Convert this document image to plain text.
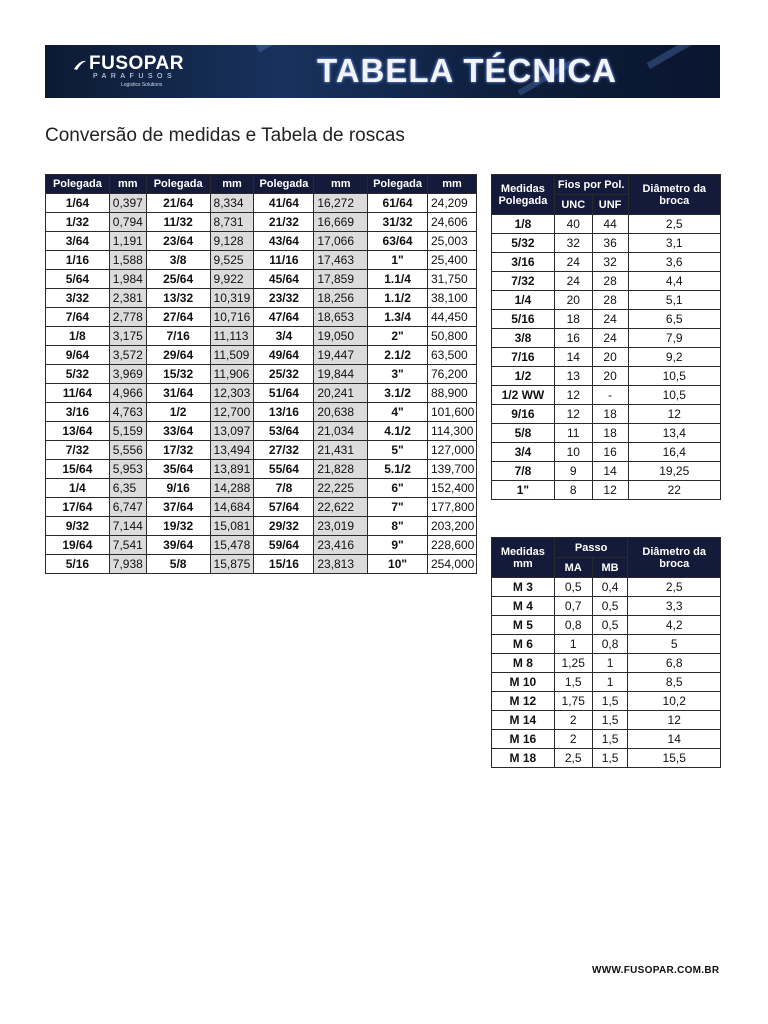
FUSOPAR
PARAFUSOS
Logistics Solutions	TABELA TÉCNICA
Conversão de medidas e Tabela de roscas
Polegada	mm	Polegada	mm	Polegada	mm	Polegada	mm
1/64	0,397	21/64	8,334	41/64	16,272	61/64	24,209
1/32	0,794	11/32	8,731	21/32	16,669	31/32	24,606
3/64	1,191	23/64	9,128	43/64	17,066	63/64	25,003
1/16	1,588	3/8	9,525	11/16	17,463	1"	25,400
5/64	1,984	25/64	9,922	45/64	17,859	1.1/4	31,750
3/32	2,381	13/32	10,319	23/32	18,256	1.1/2	38,100
7/64	2,778	27/64	10,716	47/64	18,653	1.3/4	44,450
1/8	3,175	7/16	11,113	3/4	19,050	2"	50,800
9/64	3,572	29/64	11,509	49/64	19,447	2.1/2	63,500
5/32	3,969	15/32	11,906	25/32	19,844	3"	76,200
11/64	4,966	31/64	12,303	51/64	20,241	3.1/2	88,900
3/16	4,763	1/2	12,700	13/16	20,638	4"	101,600
13/64	5,159	33/64	13,097	53/64	21,034	4.1/2	114,300
7/32	5,556	17/32	13,494	27/32	21,431	5"	127,000
15/64	5,953	35/64	13,891	55/64	21,828	5.1/2	139,700
1/4	6,35	9/16	14,288	7/8	22,225	6"	152,400
17/64	6,747	37/64	14,684	57/64	22,622	7"	177,800
9/32	7,144	19/32	15,081	29/32	23,019	8"	203,200
19/64	7,541	39/64	15,478	59/64	23,416	9"	228,600
5/16	7,938	5/8	15,875	15/16	23,813	10"	254,000
Medidas Polegada	Fios por Pol.		Diâmetro da broca
	UNC	UNF	
1/8	40	44	2,5
5/32	32	36	3,1
3/16	24	32	3,6
7/32	24	28	4,4
1/4	20	28	5,1
5/16	18	24	6,5
3/8	16	24	7,9
7/16	14	20	9,2
1/2	13	20	10,5
1/2 WW	12	-	10,5
9/16	12	18	12
5/8	11	18	13,4
3/4	10	16	16,4
7/8	9	14	19,25
1"	8	12	22
Medidas mm	Passo		Diâmetro da broca
	MA	MB	
M 3	0,5	0,4	2,5
M 4	0,7	0,5	3,3
M 5	0,8	0,5	4,2
M 6	1	0,8	5
M 8	1,25	1	6,8
M 10	1,5	1	8,5
M 12	1,75	1,5	10,2
M 14	2	1,5	12
M 16	2	1,5	14
M 18	2,5	1,5	15,5
WWW.FUSOPAR.COM.BR
